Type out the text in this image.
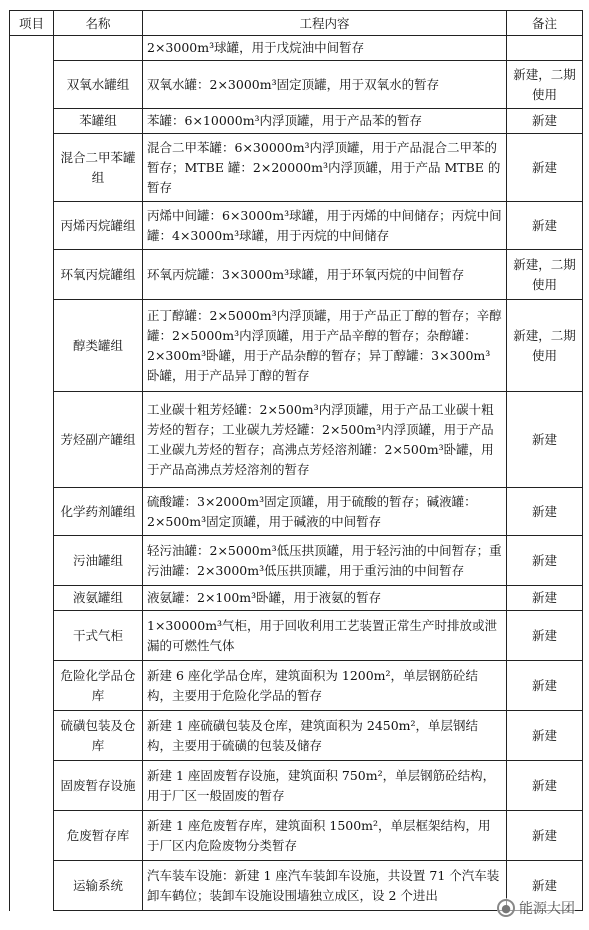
项目	名称	工程内容	备注
		2×3000m³球罐，用于戊烷油中间暂存	
	双氧水罐组	双氧水罐：2×3000m³固定顶罐，用于双氧水的暂存	新建，二期使用
	苯罐组	苯罐：6×10000m³内浮顶罐，用于产品苯的暂存	新建
	混合二甲苯罐组	混合二甲苯罐：6×30000m³内浮顶罐，用于产品混合二甲苯的暂存；MTBE 罐：2×20000m³内浮顶罐，用于产品 MTBE 的暂存	新建
	丙烯丙烷罐组	丙烯中间罐：6×3000m³球罐，用于丙烯的中间储存；丙烷中间罐：4×3000m³球罐，用于丙烷的中间储存	新建
	环氧丙烷罐组	环氧丙烷罐：3×3000m³球罐，用于环氧丙烷的中间暂存	新建，二期使用
	醇类罐组	正丁醇罐：2×5000m³内浮顶罐，用于产品正丁醇的暂存；辛醇罐：2×5000m³内浮顶罐，用于产品辛醇的暂存；杂醇罐：2×300m³卧罐，用于产品杂醇的暂存；异丁醇罐：3×300m³卧罐，用于产品异丁醇的暂存	新建，二期使用
	芳烃副产罐组	工业碳十粗芳烃罐：2×500m³内浮顶罐，用于产品工业碳十粗芳烃的暂存；工业碳九芳烃罐：2×500m³内浮顶罐，用于产品工业碳九芳烃的暂存；高沸点芳烃溶剂罐：2×500m³卧罐，用于产品高沸点芳烃溶剂的暂存	新建
	化学药剂罐组	硫酸罐：3×2000m³固定顶罐，用于硫酸的暂存；碱液罐：2×500m³固定顶罐，用于碱液的中间暂存	新建
	污油罐组	轻污油罐：2×5000m³低压拱顶罐，用于轻污油的中间暂存；重污油罐：2×3000m³低压拱顶罐，用于重污油的中间暂存	新建
	液氨罐组	液氨罐：2×100m³卧罐，用于液氨的暂存	新建
	干式气柜	1×30000m³气柜，用于回收利用工艺装置正常生产时排放或泄漏的可燃性气体	新建
	危险化学品仓库	新建 6 座化学品仓库，建筑面积为 1200m²，单层钢筋砼结构，主要用于危险化学品的暂存	新建
	硫磺包装及仓库	新建 1 座硫磺包装及仓库，建筑面积为 2450m²，单层钢结构，主要用于硫磺的包装及储存	新建
	固废暂存设施	新建 1 座固废暂存设施，建筑面积 750m²，单层钢筋砼结构，用于厂区一般固废的暂存	新建
	危废暂存库	新建 1 座危废暂存库，建筑面积 1500m²，单层框架结构，用于厂区内危险废物分类暂存	新建
	运输系统	汽车装车设施：新建 1 座汽车装卸车设施，共设置 71 个汽车装卸车鹤位；装卸车设施设围墙独立成区，设 2 个进出	新建
● 能源大团
